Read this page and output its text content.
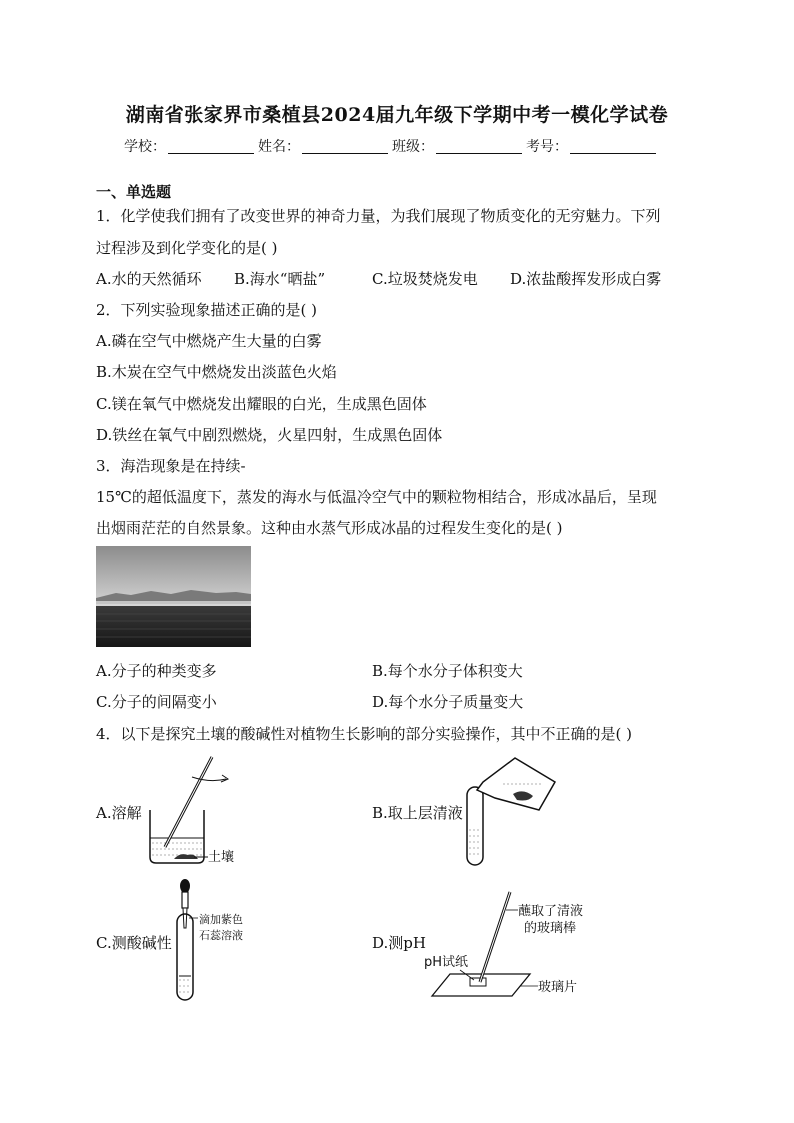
湖南省张家界市桑植县2024届九年级下学期中考一模化学试卷
学校：	姓名：	班级：	考号：
一、单选题
1．化学使我们拥有了改变世界的神奇力量，为我们展现了物质变化的无穷魅力。下列
过程涉及到化学变化的是( )
A.水的天然循环 B.海水“晒盐”	C.垃圾焚烧发电 D.浓盐酸挥发形成白雾
2．下列实验现象描述正确的是( )
A.磷在空气中燃烧产生大量的白雾
B.木炭在空气中燃烧发出淡蓝色火焰
C.镁在氧气中燃烧发出耀眼的白光，生成黑色固体
D.铁丝在氧气中剧烈燃烧，火星四射，生成黑色固体
3．海浩现象是在持续-
15℃的超低温度下，蒸发的海水与低温冷空气中的颗粒物相结合，形成冰晶后，呈现
出烟雨茫茫的自然景象。这种由水蒸气形成冰晶的过程发生变化的是( )
A.分子的种类变多	B.每个水分子体积变大
C.分子的间隔变小	D.每个水分子质量变大
4．以下是探究土壤的酸碱性对植物生长影响的部分实验操作，其中不正确的是( )
A.溶解	B.取上层清液
C.测酸碱性	D.测pH
土壤
滴加紫色
石蕊溶液
蘸取了清液
的玻璃棒
pH试纸
玻璃片
